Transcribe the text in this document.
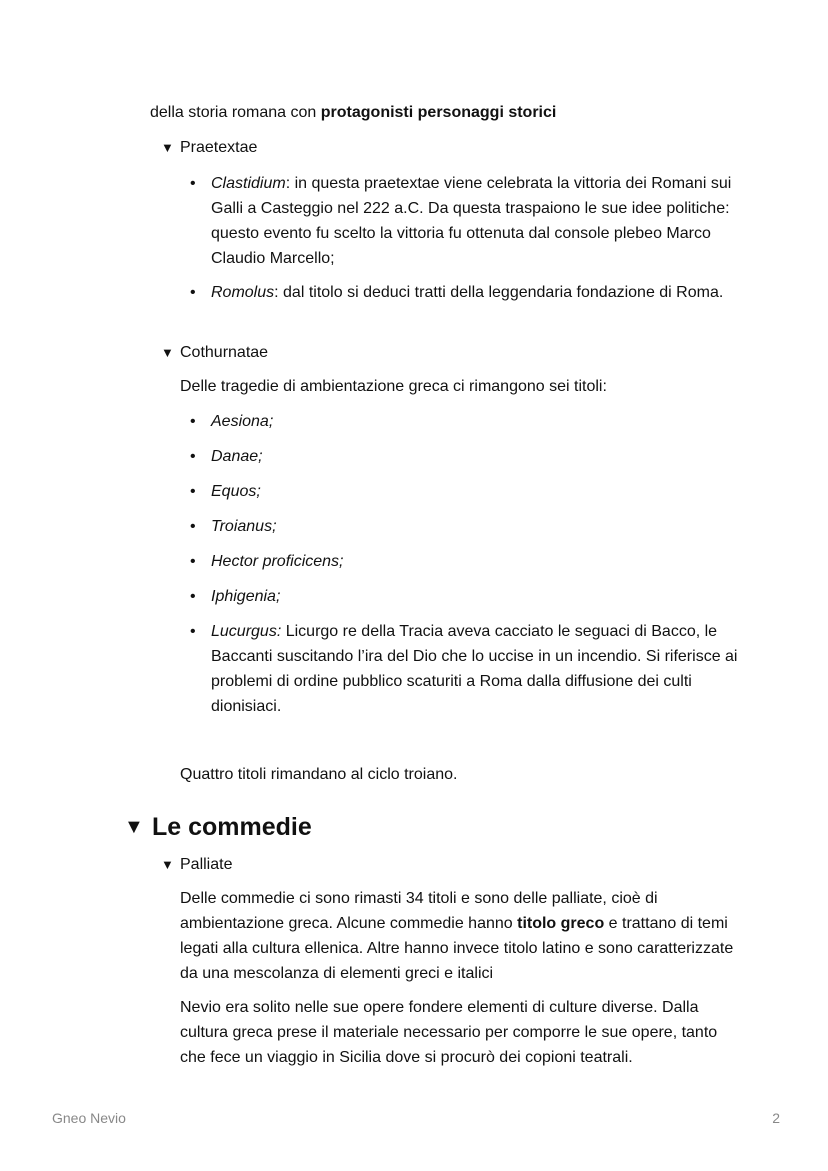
della storia romana con protagonisti personaggi storici

▼ Praetextae
• Clastidium: in questa praetextae viene celebrata la vittoria dei Romani sui Galli a Casteggio nel 222 a.C. Da questa traspaiono le sue idee politiche: questo evento fu scelto la vittoria fu ottenuta dal console plebeo Marco Claudio Marcello;
• Romolus: dal titolo si deduci tratti della leggendaria fondazione di Roma.
▼ Cothurnatae

Delle tragedie di ambientazione greca ci rimangono sei titoli:

• Aesiona;
• Danae;
• Equos;
• Troianus;
• Hector proficicens;
• Iphigenia;
• Lucurgus: Licurgo re della Tracia aveva cacciato le seguaci di Bacco, le Baccanti suscitando l’ira del Dio che lo uccise in un incendio. Si riferisce ai problemi di ordine pubblico scaturiti a Roma dalla diffusione dei culti dionisiaci.

Quattro titoli rimandano al ciclo troiano.

▼ Le commedie
▼ Palliate

Delle commedie ci sono rimasti 34 titoli e sono delle palliate, cioè di ambientazione greca. Alcune commedie hanno titolo greco e trattano di temi legati alla cultura ellenica. Altre hanno invece titolo latino e sono caratterizzate da una mescolanza di elementi greci e italici

Nevio era solito nelle sue opere fondere elementi di culture diverse. Dalla cultura greca prese il materiale necessario per comporre le sue opere, tanto che fece un viaggio in Sicilia dove si procurò dei copioni teatrali.

Gneo Nevio	2
